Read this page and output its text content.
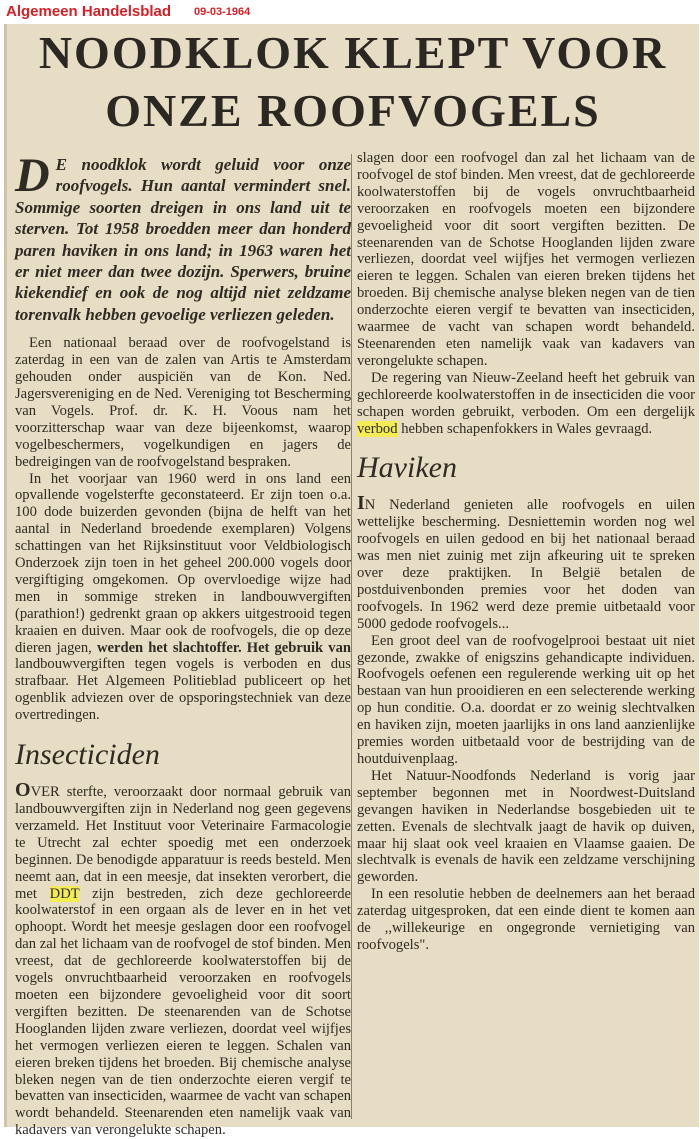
Algemeen Handelsblad 09-03-1964
NOODKLOK KLEPT VOOR
ONZE ROOFVOGELS
D E noodklok wordt geluid voor onze roofvogels. Hun aantal vermindert snel. Sommige soorten dreigen in ons land uit te sterven. Tot 1958 broedden meer dan honderd paren haviken in ons land; in 1963 waren het er niet meer dan twee dozijn. Sperwers, bruine kiekendief en ook de nog altijd niet zeldzame torenvalk hebben gevoelige verliezen geleden.

Een nationaal beraad over de roofvogelstand is zaterdag in een van de zalen van Artis te Amsterdam gehouden onder auspiciën van de Kon. Ned. Jagersvereniging en de Ned. Vereniging tot Bescherming van Vogels. Prof. dr. K. H. Voous nam het voorzitterschap waar van deze bijeenkomst, waarop vogelbeschermers, vogelkundigen en jagers de bedreigingen van de roofvogelstand bespraken.

In het voorjaar van 1960 werd in ons land een opvallende vogelsterfte geconstateerd. Er zijn toen o.a. 100 dode buizerden gevonden (bijna de helft van het aantal in Nederland broedende exemplaren) Volgens schattingen van het Rijksinstituut voor Veldbiologisch Onderzoek zijn toen in het geheel 200.000 vogels door vergiftiging omgekomen. Op overvloedige wijze had men in sommige streken in landbouwvergiften (parathion!) gedrenkt graan op akkers uitgestrooid tegen kraaien en duiven. Maar ook de roofvogels, die op deze dieren jagen, werden het slachtoffer. Het gebruik van landbouwvergiften tegen vogels is verboden en dus strafbaar. Het Algemeen Politieblad publiceert op het ogenblik adviezen over de opsporingstechniek van deze overtredingen.

Insecticiden

OVER sterfte, veroorzaakt door normaal gebruik van landbouwvergiften zijn in Nederland nog geen gegevens verzameld. Het Instituut voor Veterinaire Farmacologie te Utrecht zal echter spoedig met een onderzoek beginnen. De benodigde apparatuur is reeds besteld. Men neemt aan, dat in een meesje, dat insekten verorbert, die met DDT zijn bestreden, zich deze gechloreerde koolwaterstof in een orgaan als de lever en in het vet ophoopt. Wordt het meesje geslagen door een roofvogel dan zal het lichaam van de roofvogel de stof binden. Men vreest, dat de gechloreerde koolwaterstoffen bij de vogels onvruchtbaarheid veroorzaken en roofvogels moeten een bijzondere gevoeligheid voor dit soort vergiften bezitten. De steenarenden van de Schotse Hooglanden lijden zware verliezen, doordat veel wijfjes het vermogen verliezen eieren te leggen. Schalen van eieren breken tijdens het broeden. Bij chemische analyse bleken negen van de tien onderzochte eieren vergif te bevatten van insecticiden, waarmee de vacht van schapen wordt behandeld. Steenarenden eten namelijk vaak van kadavers van verongelukte schapen.

slagen door een roofvogel dan zal het lichaam van de roofvogel de stof binden. Men vreest, dat de gechloreerde koolwaterstoffen bij de vogels onvruchtbaarheid veroorzaken en roofvogels moeten een bijzondere gevoeligheid voor dit soort vergiften bezitten. De steenarenden van de Schotse Hooglanden lijden zware verliezen, doordat veel wijfjes het vermogen verliezen eieren te leggen. Schalen van eieren breken tijdens het broeden. Bij chemische analyse bleken negen van de tien onderzochte eieren vergif te bevatten van insecticiden, waarmee de vacht van schapen wordt behandeld. Steenarenden eten namelijk vaak van kadavers van verongelukte schapen.

De regering van Nieuw-Zeeland heeft het gebruik van gechloreerde koolwaterstoffen in de insecticiden die voor schapen worden gebruikt, verboden. Om een dergelijk verbod hebben schapenfokkers in Wales gevraagd.

Haviken

IN Nederland genieten alle roofvogels en uilen wettelijke bescherming. Desniettemin worden nog wel roofvogels en uilen gedood en bij het nationaal beraad was men niet zuinig met zijn afkeuring uit te spreken over deze praktijken. In België betalen de postduivenbonden premies voor het doden van roofvogels. In 1962 werd deze premie uitbetaald voor 5000 gedode roofvogels...

Een groot deel van de roofvogelprooi bestaat uit niet gezonde, zwakke of enigszins gehandicapte individuen. Roofvogels oefenen een regulerende werking uit op het bestaan van hun prooidieren en een selecterende werking op hun conditie. O.a. doordat er zo weinig slechtvalken en haviken zijn, moeten jaarlijks in ons land aanzienlijke premies worden uitbetaald voor de bestrijding van de houtduivenplaag.

Het Natuur-Noodfonds Nederland is vorig jaar september begonnen met in Noordwest-Duitsland gevangen haviken in Nederlandse bosgebieden uit te zetten. Evenals de slechtvalk jaagt de havik op duiven, maar hij slaat ook veel kraaien en Vlaamse gaaien. De slechtvalk is evenals de havik een zeldzame verschijning geworden.

In een resolutie hebben de deelnemers aan het beraad zaterdag uitgesproken, dat een einde dient te komen aan de ,,willekeurige en ongegronde vernietiging van roofvogels".
